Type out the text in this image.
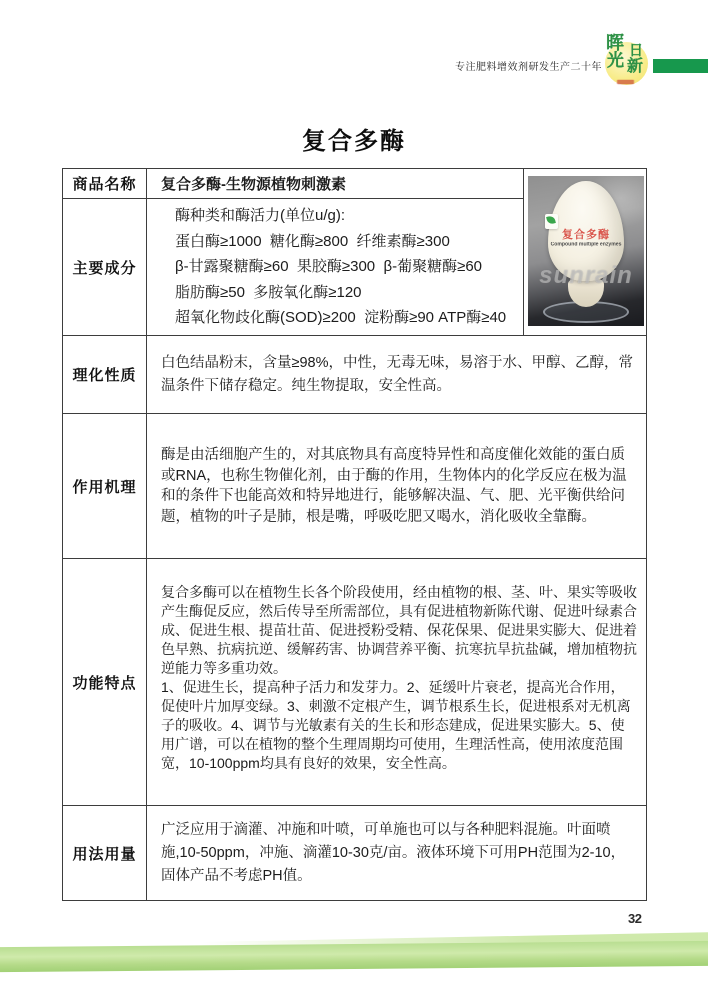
专注肥料增效剂研发生产二十年
晖 日
光 新
复合多酶
商品名称	复合多酶-生物源植物刺激素	复合多酶
Compound multiple enzymes
sunrain

主要成分	酶种类和酶活力(单位u/g):
蛋白酶≥1000  糖化酶≥800  纤维素酶≥300
β-甘露聚糖酶≥60  果胶酶≥300  β-葡聚糖酶≥60
脂肪酶≥50  多胺氧化酶≥120
超氧化物歧化酶(SOD)≥200  淀粉酶≥90 ATP酶≥40	

理化性质	白色结晶粉末，含量≥98%，中性，无毒无味，易溶于水、甲醇、乙醇，常温条件下储存稳定。纯生物提取，安全性高。	
作用机理	酶是由活细胞产生的，对其底物具有高度特异性和高度催化效能的蛋白质或RNA，也称生物催化剂，由于酶的作用，生物体内的化学反应在极为温和的条件下也能高效和特异地进行，能够解决温、气、肥、光平衡供给问题，植物的叶子是肺，根是嘴，呼吸吃肥又喝水，消化吸收全靠酶。	
功能特点	复合多酶可以在植物生长各个阶段使用，经由植物的根、茎、叶、果实等吸收产生酶促反应，然后传导至所需部位，具有促进植物新陈代谢、促进叶绿素合成、促进生根、提苗壮苗、促进授粉受精、保花保果、促进果实膨大、促进着色早熟、抗病抗逆、缓解药害、协调营养平衡、抗寒抗旱抗盐碱，增加植物抗逆能力等多重功效。

1、促进生长，提高种子活力和发芽力。2、延缓叶片衰老，提高光合作用，促使叶片加厚变绿。3、刺激不定根产生，调节根系生长，促进根系对无机离子的吸收。4、调节与光敏素有关的生长和形态建成，促进果实膨大。5、使用广谱，可以在植物的整个生理周期均可使用，生理活性高，使用浓度范围宽，10-100ppm均具有良好的效果，安全性高。	

用法用量	广泛应用于滴灌、冲施和叶喷，可单施也可以与各种肥料混施。叶面喷施,10-50ppm，冲施、滴灌10-30克/亩。液体环境下可用PH范围为2-10，固体产品不考虑PH值。	
32
